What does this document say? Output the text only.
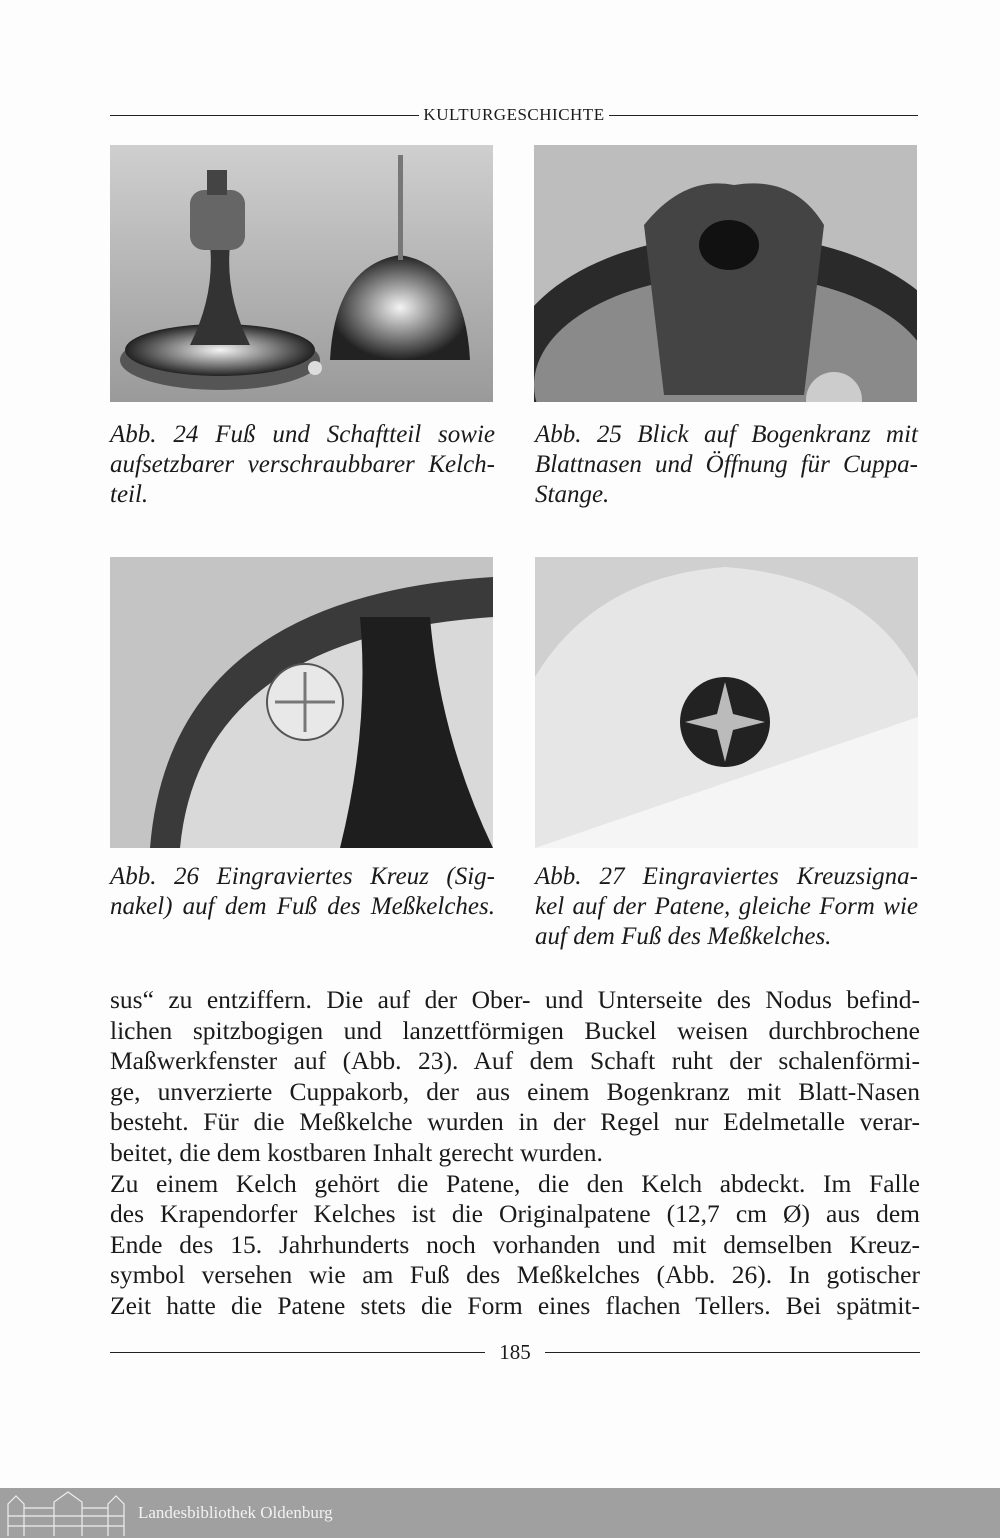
KULTURGESCHICHTE
Abb. 24 Fuß und Schaftteil sowie
aufsetzbarer verschraubbarer Kelch-
teil.
Abb. 25 Blick auf Bogenkranz mit
Blattnasen und Öffnung für Cuppa-
Stange.
Abb. 26 Eingraviertes Kreuz (Sig-
nakel) auf dem Fuß des Meßkelches.
Abb. 27 Eingraviertes Kreuzsigna-
kel auf der Patene, gleiche Form wie
auf dem Fuß des Meßkelches.
sus“ zu entziffern. Die auf der Ober- und Unterseite des Nodus befind-
lichen spitzbogigen und lanzettförmigen Buckel weisen durchbrochene
Maßwerkfenster auf (Abb. 23). Auf dem Schaft ruht der schalenförmi-
ge, unverzierte Cuppakorb, der aus einem Bogenkranz mit Blatt-Nasen
besteht. Für die Meßkelche wurden in der Regel nur Edelmetalle verar-
beitet, die dem kostbaren Inhalt gerecht wurden.
Zu einem Kelch gehört die Patene, die den Kelch abdeckt. Im Falle
des Krapendorfer Kelches ist die Originalpatene (12,7 cm Ø) aus dem
Ende des 15. Jahrhunderts noch vorhanden und mit demselben Kreuz-
symbol versehen wie am Fuß des Meßkelches (Abb. 26). In gotischer
Zeit hatte die Patene stets die Form eines flachen Tellers. Bei spätmit-
185
Landesbibliothek Oldenburg
